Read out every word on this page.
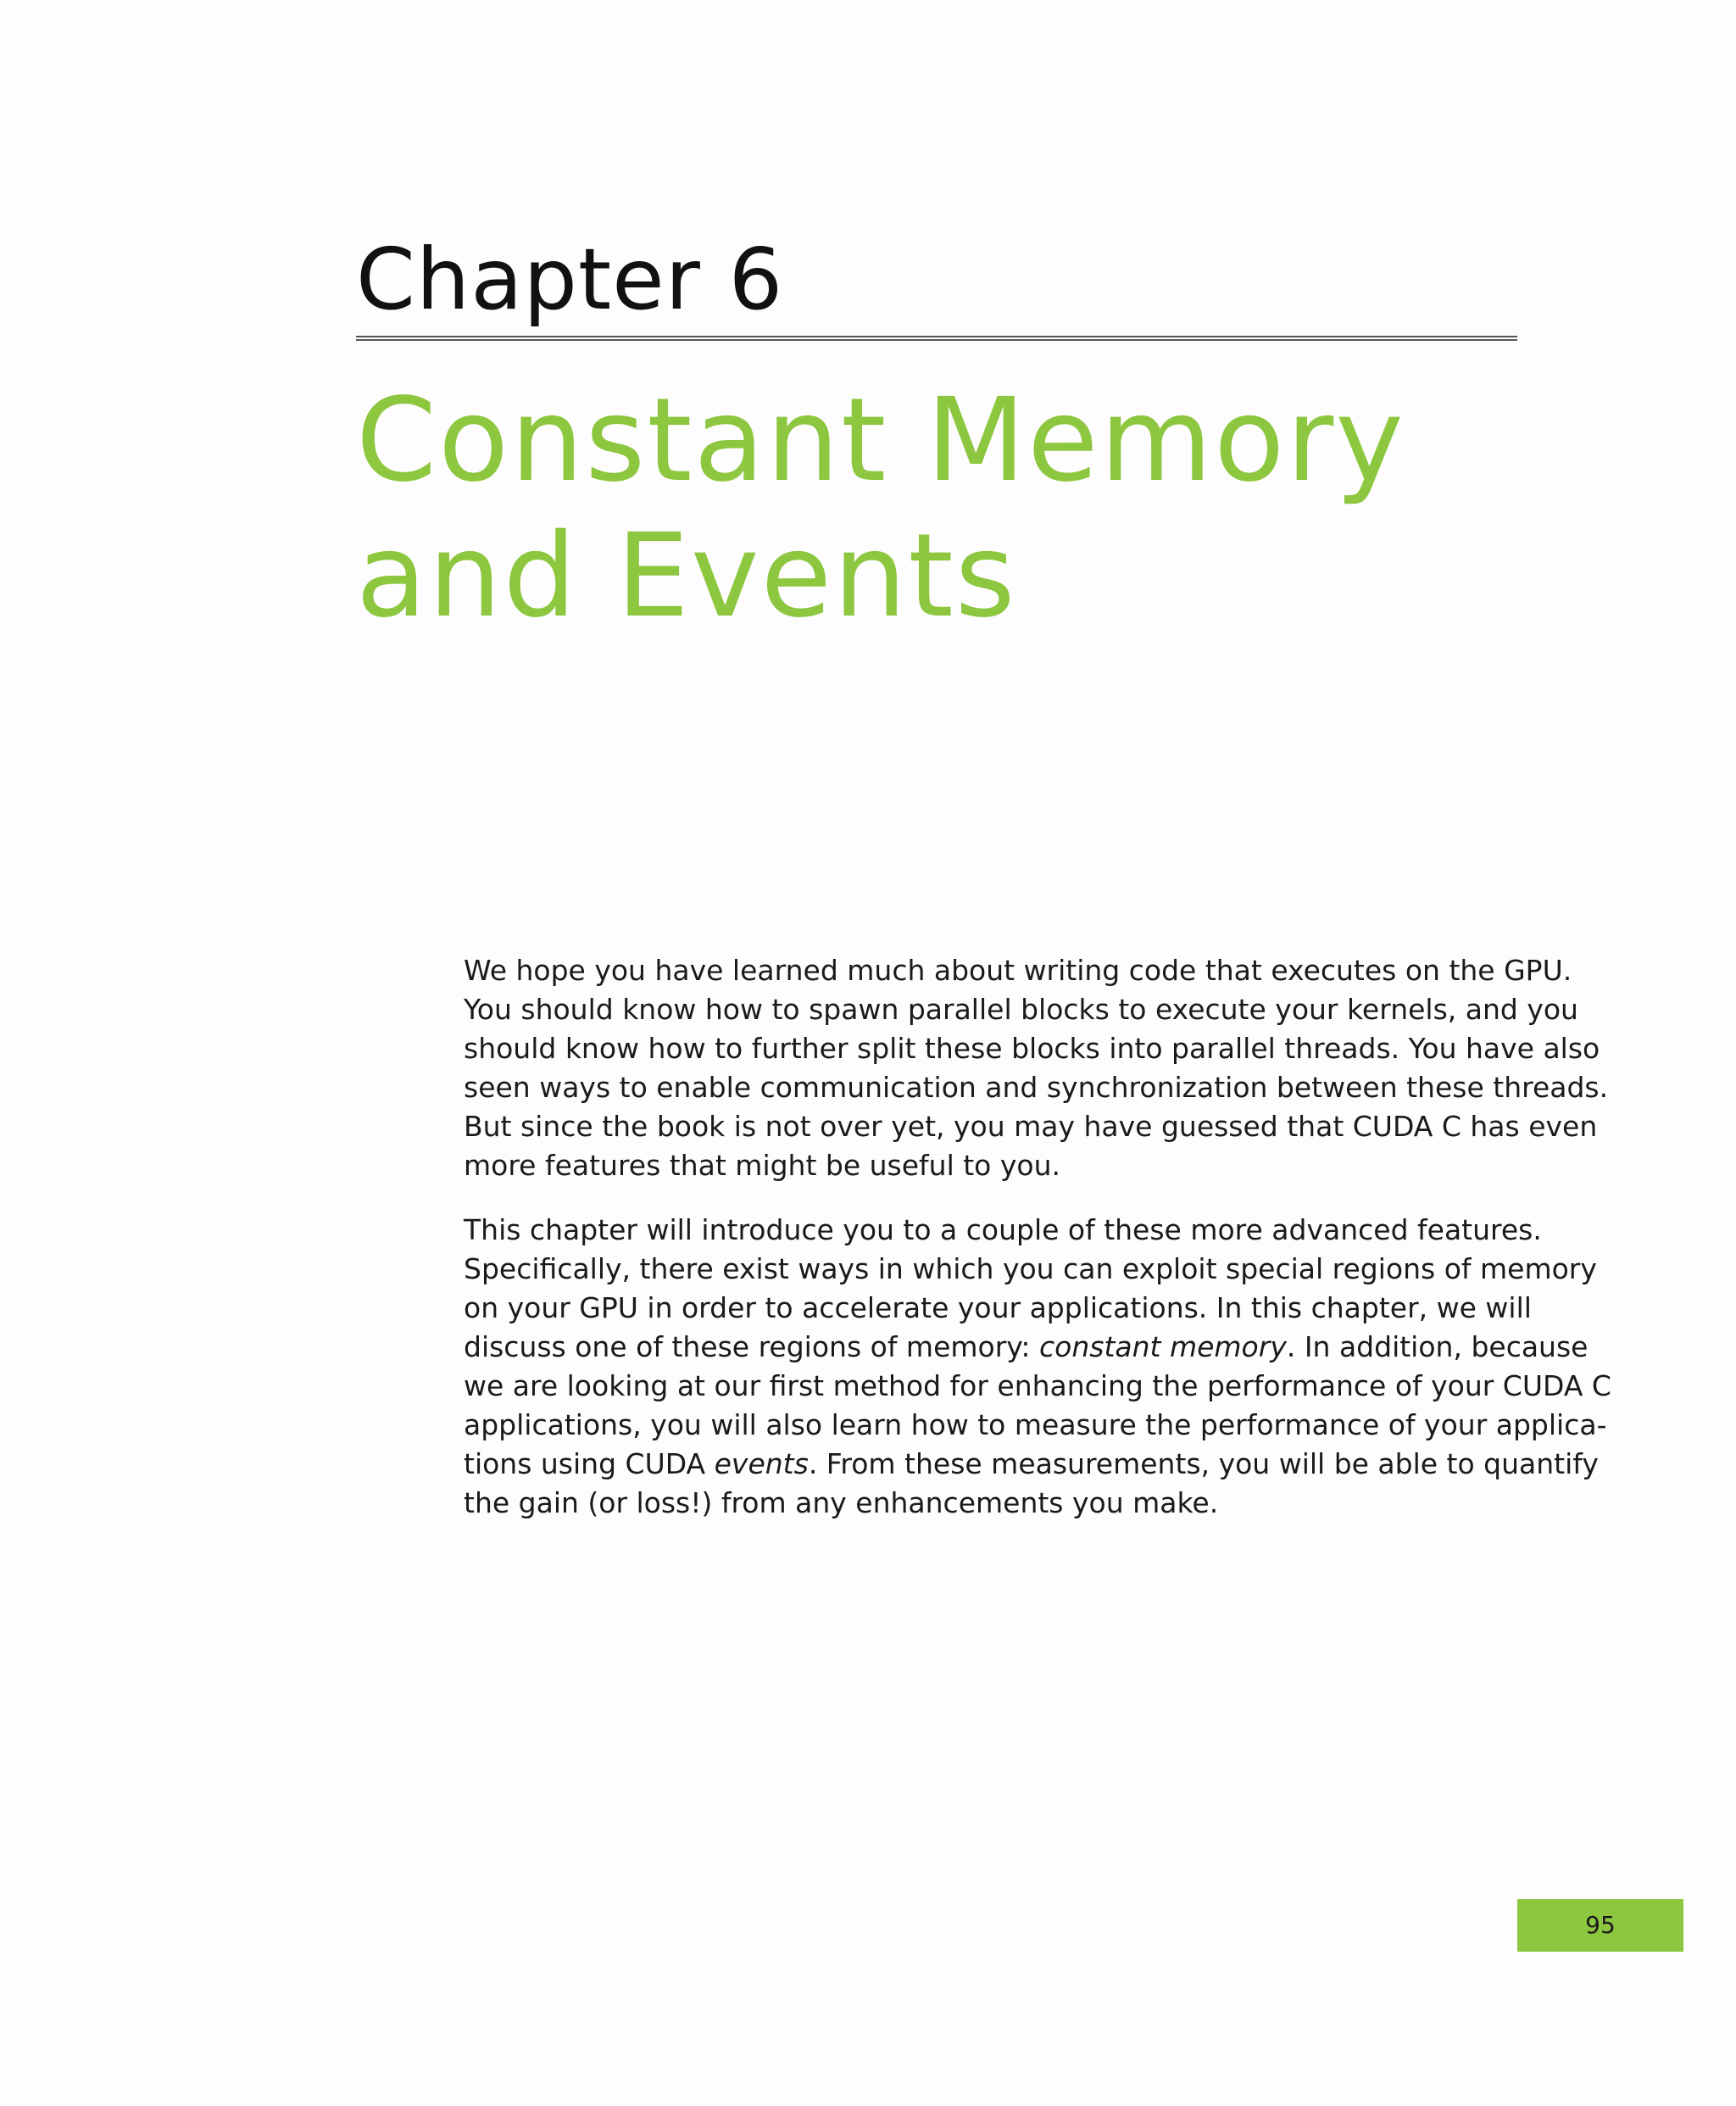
Chapter 6
Constant Memory
and Events

We hope you have learned much about writing code that executes on the GPU.
You should know how to spawn parallel blocks to execute your kernels, and you
should know how to further split these blocks into parallel threads. You have also
seen ways to enable communication and synchronization between these threads.
But since the book is not over yet, you may have guessed that CUDA C has even
more features that might be useful to you.

This chapter will introduce you to a couple of these more advanced features.
Specifically, there exist ways in which you can exploit special regions of memory
on your GPU in order to accelerate your applications. In this chapter, we will
discuss one of these regions of memory: constant memory. In addition, because
we are looking at our first method for enhancing the performance of your CUDA C
applications, you will also learn how to measure the performance of your applica-
tions using CUDA events. From these measurements, you will be able to quantify
the gain (or loss!) from any enhancements you make.

95
